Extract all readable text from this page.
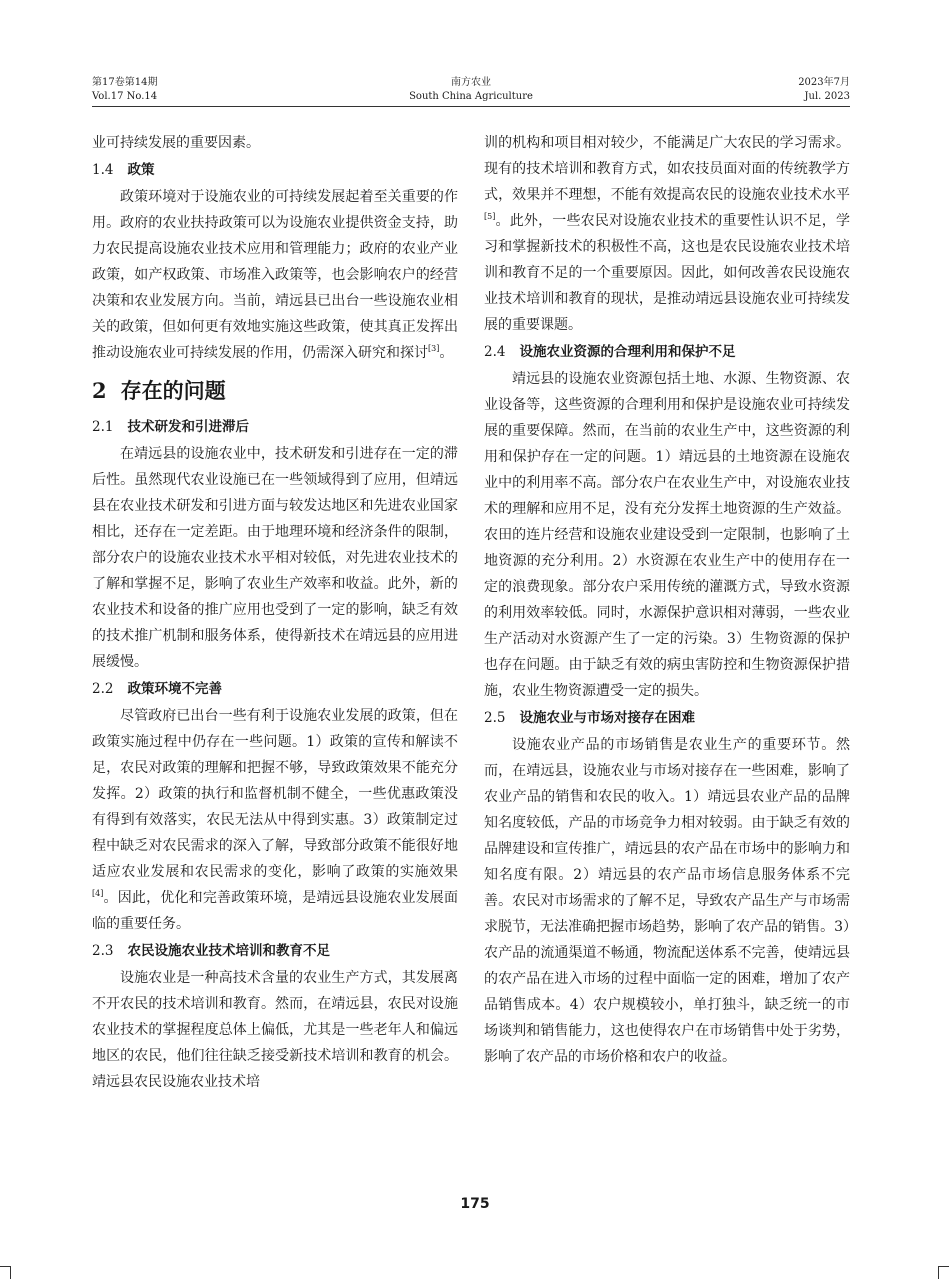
第17卷第14期
Vol.17 No.14
南方农业
South China Agriculture
2023年7月
Jul. 2023

业可持续发展的重要因素。

1.4 政策

政策环境对于设施农业的可持续发展起着至关重要的作用。政府的农业扶持政策可以为设施农业提供资金支持，助力农民提高设施农业技术应用和管理能力；政府的农业产业政策，如产权政策、市场准入政策等，也会影响农户的经营决策和农业发展方向。当前，靖远县已出台一些设施农业相关的政策，但如何更有效地实施这些政策，使其真正发挥出推动设施农业可持续发展的作用，仍需深入研究和探讨[3]。

2 存在的问题
2.1 技术研发和引进滞后

在靖远县的设施农业中，技术研发和引进存在一定的滞后性。虽然现代农业设施已在一些领域得到了应用，但靖远县在农业技术研发和引进方面与较发达地区和先进农业国家相比，还存在一定差距。由于地理环境和经济条件的限制，部分农户的设施农业技术水平相对较低，对先进农业技术的了解和掌握不足，影响了农业生产效率和收益。此外，新的农业技术和设备的推广应用也受到了一定的影响，缺乏有效的技术推广机制和服务体系，使得新技术在靖远县的应用进展缓慢。

2.2 政策环境不完善

尽管政府已出台一些有利于设施农业发展的政策，但在政策实施过程中仍存在一些问题。1）政策的宣传和解读不足，农民对政策的理解和把握不够，导致政策效果不能充分发挥。2）政策的执行和监督机制不健全，一些优惠政策没有得到有效落实，农民无法从中得到实惠。3）政策制定过程中缺乏对农民需求的深入了解，导致部分政策不能很好地适应农业发展和农民需求的变化，影响了政策的实施效果[4]。因此，优化和完善政策环境，是靖远县设施农业发展面临的重要任务。

2.3 农民设施农业技术培训和教育不足

设施农业是一种高技术含量的农业生产方式，其发展离不开农民的技术培训和教育。然而，在靖远县，农民对设施农业技术的掌握程度总体上偏低，尤其是一些老年人和偏远地区的农民，他们往往缺乏接受新技术培训和教育的机会。靖远县农民设施农业技术培

训的机构和项目相对较少，不能满足广大农民的学习需求。现有的技术培训和教育方式，如农技员面对面的传统教学方式，效果并不理想，不能有效提高农民的设施农业技术水平[5]。此外，一些农民对设施农业技术的重要性认识不足，学习和掌握新技术的积极性不高，这也是农民设施农业技术培训和教育不足的一个重要原因。因此，如何改善农民设施农业技术培训和教育的现状，是推动靖远县设施农业可持续发展的重要课题。

2.4 设施农业资源的合理利用和保护不足

靖远县的设施农业资源包括土地、水源、生物资源、农业设备等，这些资源的合理利用和保护是设施农业可持续发展的重要保障。然而，在当前的农业生产中，这些资源的利用和保护存在一定的问题。1）靖远县的土地资源在设施农业中的利用率不高。部分农户在农业生产中，对设施农业技术的理解和应用不足，没有充分发挥土地资源的生产效益。农田的连片经营和设施农业建设受到一定限制，也影响了土地资源的充分利用。2）水资源在农业生产中的使用存在一定的浪费现象。部分农户采用传统的灌溉方式，导致水资源的利用效率较低。同时，水源保护意识相对薄弱，一些农业生产活动对水资源产生了一定的污染。3）生物资源的保护也存在问题。由于缺乏有效的病虫害防控和生物资源保护措施，农业生物资源遭受一定的损失。

2.5 设施农业与市场对接存在困难

设施农业产品的市场销售是农业生产的重要环节。然而，在靖远县，设施农业与市场对接存在一些困难，影响了农业产品的销售和农民的收入。1）靖远县农业产品的品牌知名度较低，产品的市场竞争力相对较弱。由于缺乏有效的品牌建设和宣传推广，靖远县的农产品在市场中的影响力和知名度有限。2）靖远县的农产品市场信息服务体系不完善。农民对市场需求的了解不足，导致农产品生产与市场需求脱节，无法准确把握市场趋势，影响了农产品的销售。3）农产品的流通渠道不畅通，物流配送体系不完善，使靖远县的农产品在进入市场的过程中面临一定的困难，增加了农产品销售成本。4）农户规模较小，单打独斗，缺乏统一的市场谈判和销售能力，这也使得农户在市场销售中处于劣势，影响了农产品的市场价格和农户的收益。

175
